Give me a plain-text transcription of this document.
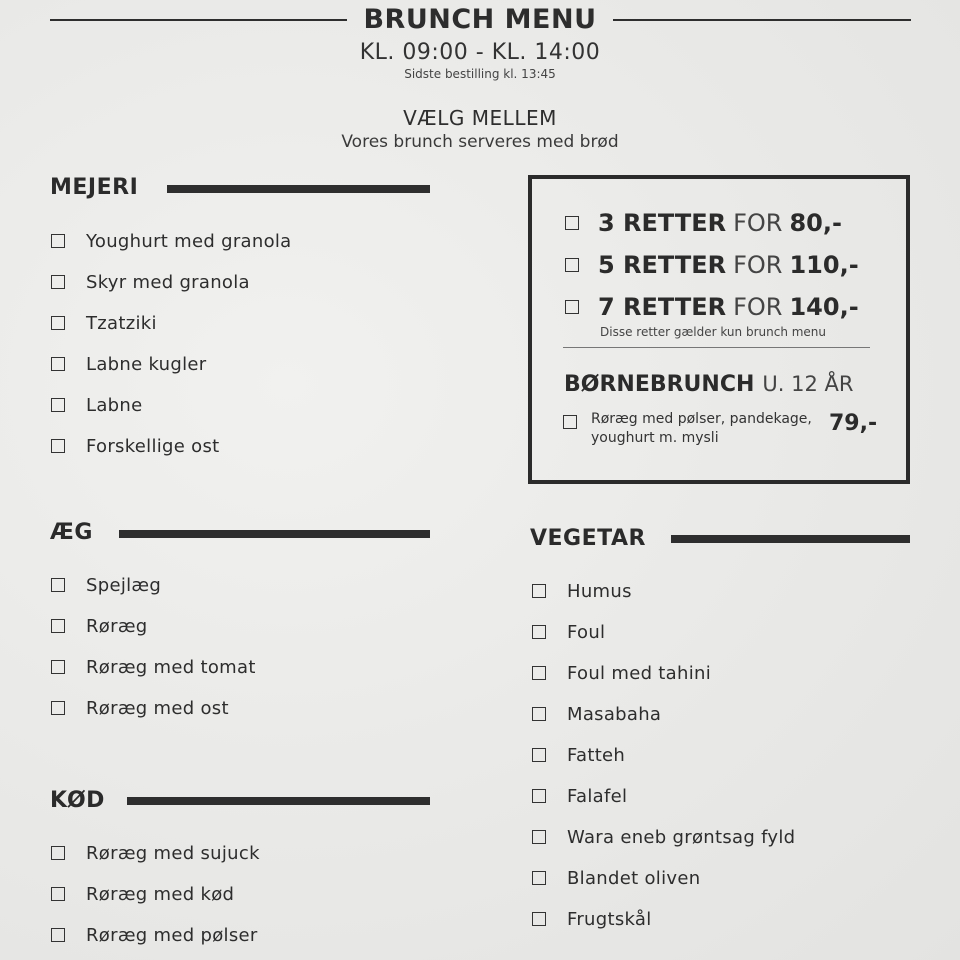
BRUNCH MENU
KL. 09:00 - KL. 14:00
Sidste bestilling kl. 13:45
VÆLG MELLEM
Vores brunch serveres med brød
MEJERI
Youghurt med granola
Skyr med granola
Tzatziki
Labne kugler
Labne
Forskellige ost
ÆG
Spejlæg
Røræg
Røræg med tomat
Røræg med ost
KØD
Røræg med sujuck
Røræg med kød
Røræg med pølser
3 RETTER FOR 80,-
5 RETTER FOR 110,-
7 RETTER FOR 140,-
Disse retter gælder kun brunch menu
BØRNEBRUNCH U. 12 ÅR
Røræg med pølser, pandekage,
youghurt m. mysli
79,-
VEGETAR
Humus
Foul
Foul med tahini
Masabaha
Fatteh
Falafel
Wara eneb grøntsag fyld
Blandet oliven
Frugtskål
